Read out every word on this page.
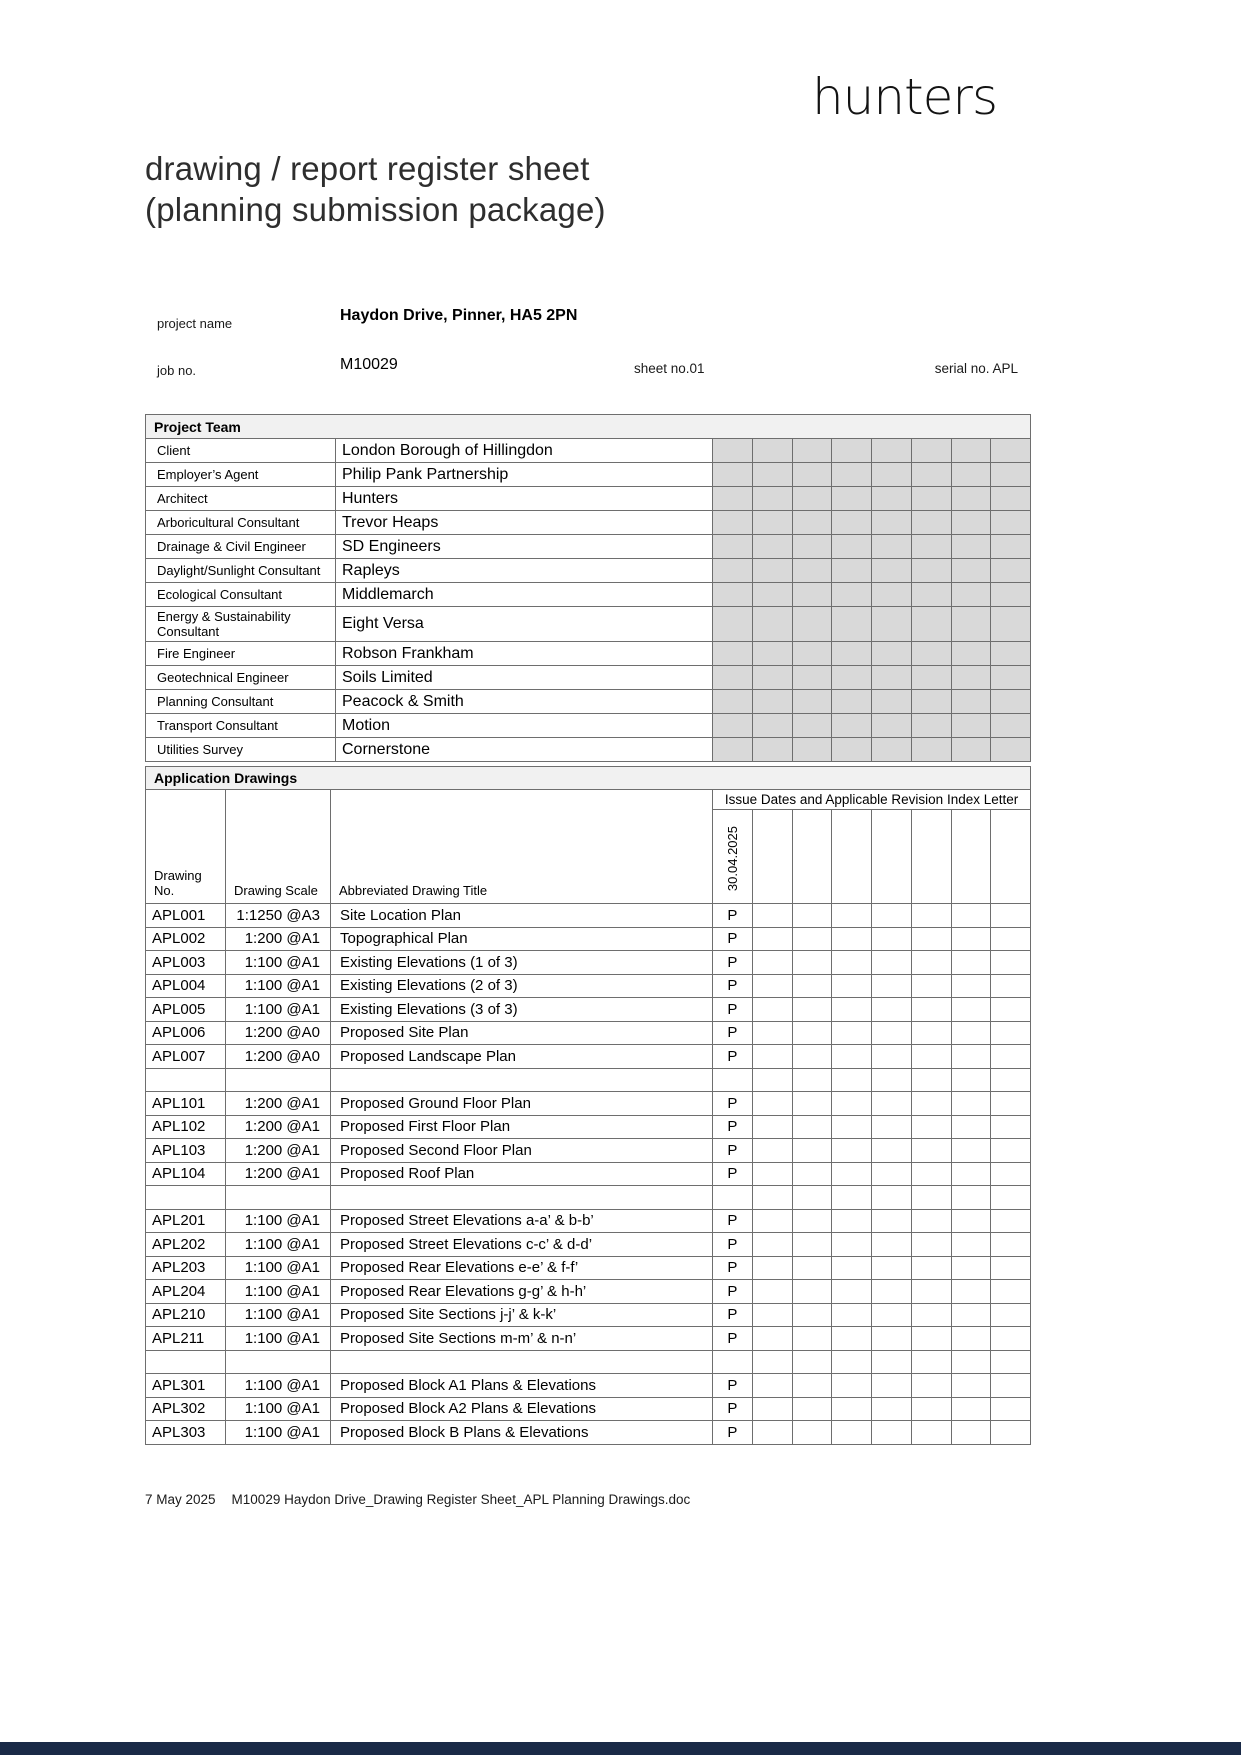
hunters
drawing / report register sheet
(planning submission package)
project name	Haydon Drive, Pinner, HA5 2PN
job no.	M10029	sheet no.01	serial no. APL
Project Team									
Client	London Borough of Hillingdon								
Employer’s Agent	Philip Pank Partnership								
Architect	Hunters								
Arboricultural Consultant	Trevor Heaps								
Drainage & Civil Engineer	SD Engineers								
Daylight/Sunlight Consultant	Rapleys								
Ecological Consultant	Middlemarch								
Energy & Sustainability Consultant	Eight Versa								
Fire Engineer	Robson Frankham								
Geotechnical Engineer	Soils Limited								
Planning Consultant	Peacock & Smith								
Transport Consultant	Motion								
Utilities Survey	Cornerstone								
Application Drawings										
Drawing No.	Drawing Scale	Abbreviated Drawing Title	Issue Dates and Applicable Revision Index Letter							
			30.04.2025							
APL001	1:1250 @A3	Site Location Plan	P							
APL002	1:200 @A1	Topographical Plan	P							
APL003	1:100 @A1	Existing Elevations (1 of 3)	P							
APL004	1:100 @A1	Existing Elevations (2 of 3)	P							
APL005	1:100 @A1	Existing Elevations (3 of 3)	P							
APL006	1:200 @A0	Proposed Site Plan	P							
APL007	1:200 @A0	Proposed Landscape Plan	P							

APL101	1:200 @A1	Proposed Ground Floor Plan	P							
APL102	1:200 @A1	Proposed First Floor Plan	P							
APL103	1:200 @A1	Proposed Second Floor Plan	P							
APL104	1:200 @A1	Proposed Roof Plan	P							

APL201	1:100 @A1	Proposed Street Elevations a-a’ & b-b’	P							
APL202	1:100 @A1	Proposed Street Elevations c-c’ & d-d’	P							
APL203	1:100 @A1	Proposed Rear Elevations e-e’ & f-f’	P							
APL204	1:100 @A1	Proposed Rear Elevations g-g’ & h-h’	P							
APL210	1:100 @A1	Proposed Site Sections j-j’ & k-k’	P							
APL211	1:100 @A1	Proposed Site Sections m-m’ & n-n’	P							

APL301	1:100 @A1	Proposed Block A1 Plans & Elevations	P							
APL302	1:100 @A1	Proposed Block A2 Plans & Elevations	P							
APL303	1:100 @A1	Proposed Block B Plans & Elevations	P							
7 May 2025 M10029 Haydon Drive_Drawing Register Sheet_APL Planning Drawings.doc
